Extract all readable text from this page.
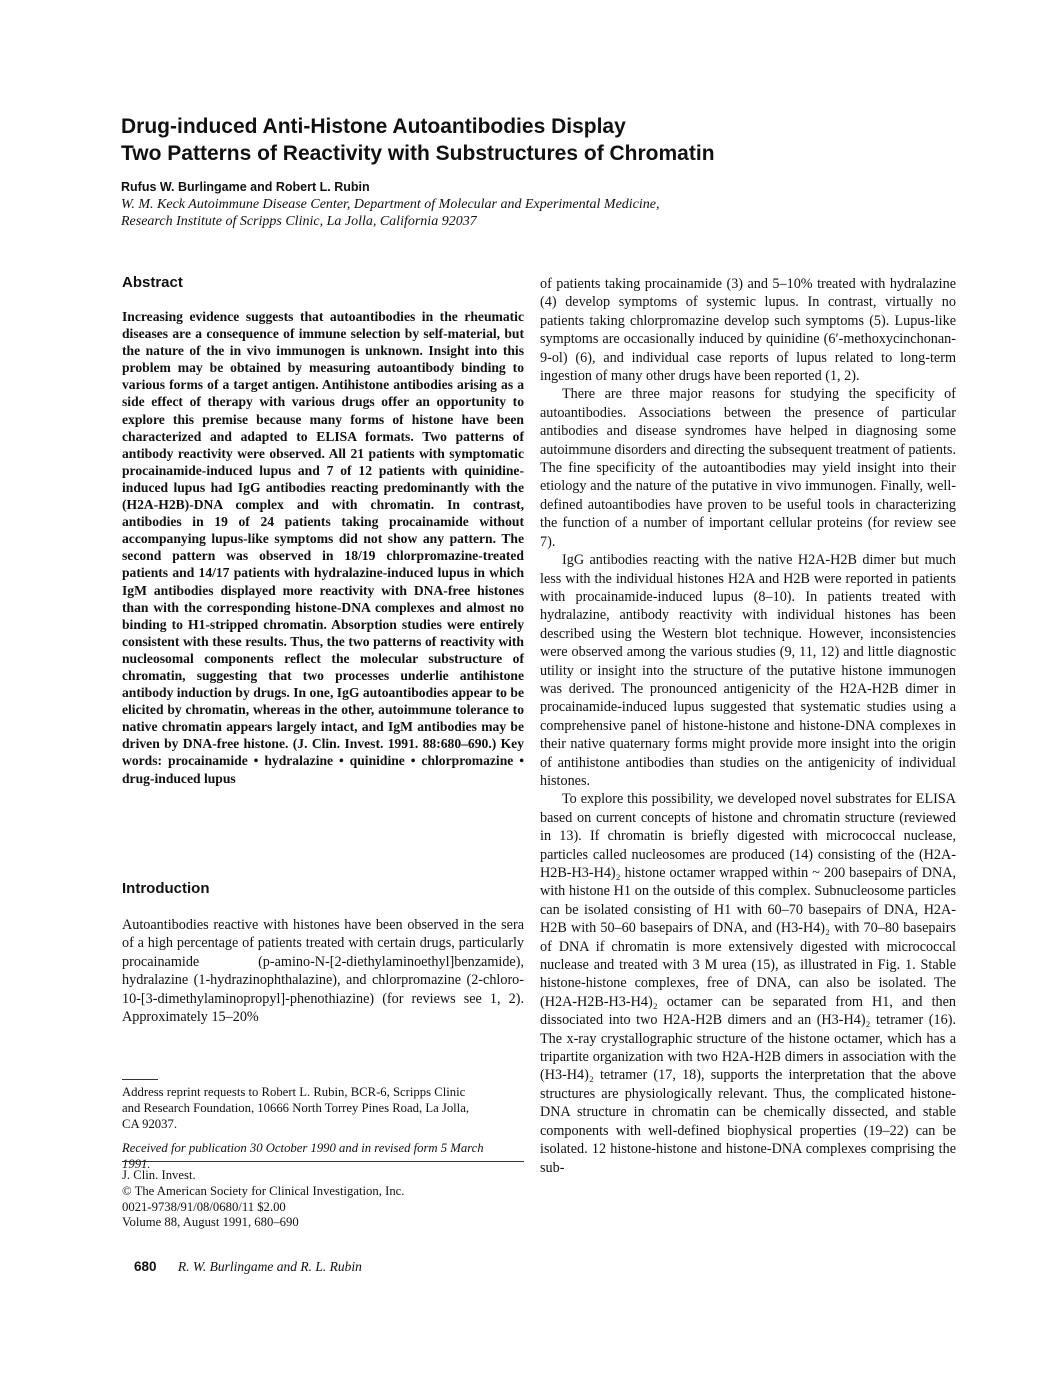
Drug-induced Anti-Histone Autoantibodies Display
Two Patterns of Reactivity with Substructures of Chromatin
Rufus W. Burlingame and Robert L. Rubin
W. M. Keck Autoimmune Disease Center, Department of Molecular and Experimental Medicine,
Research Institute of Scripps Clinic, La Jolla, California 92037
Abstract
Increasing evidence suggests that autoantibodies in the rheumatic diseases are a consequence of immune selection by self-material, but the nature of the in vivo immunogen is unknown. Insight into this problem may be obtained by measuring autoantibody binding to various forms of a target antigen. Antihistone antibodies arising as a side effect of therapy with various drugs offer an opportunity to explore this premise because many forms of histone have been characterized and adapted to ELISA formats. Two patterns of antibody reactivity were observed. All 21 patients with symptomatic procainamide-induced lupus and 7 of 12 patients with quinidine-induced lupus had IgG antibodies reacting predominantly with the (H2A-H2B)-DNA complex and with chromatin. In contrast, antibodies in 19 of 24 patients taking procainamide without accompanying lupus-like symptoms did not show any pattern. The second pattern was observed in 18/19 chlorpromazine-treated patients and 14/17 patients with hydralazine-induced lupus in which IgM antibodies displayed more reactivity with DNA-free histones than with the corresponding histone-DNA complexes and almost no binding to H1-stripped chromatin. Absorption studies were entirely consistent with these results. Thus, the two patterns of reactivity with nucleosomal components reflect the molecular substructure of chromatin, suggesting that two processes underlie antihistone antibody induction by drugs. In one, IgG autoantibodies appear to be elicited by chromatin, whereas in the other, autoimmune tolerance to native chromatin appears largely intact, and IgM antibodies may be driven by DNA-free histone. (J. Clin. Invest. 1991. 88:680–690.) Key words: procainamide • hydralazine • quinidine • chlorpromazine • drug-induced lupus
Introduction

Autoantibodies reactive with histones have been observed in the sera of a high percentage of patients treated with certain drugs, particularly procainamide (p-amino-N-[2-diethylaminoethyl]benzamide), hydralazine (1-hydrazinophthalazine), and chlorpromazine (2-chloro-10-[3-dimethylaminopropyl]-phenothiazine) (for reviews see 1, 2). Approximately 15–20%

Address reprint requests to Robert L. Rubin, BCR-6, Scripps Clinic
and Research Foundation, 10666 North Torrey Pines Road, La Jolla,
CA 92037.
Received for publication 30 October 1990 and in revised form 5 March
1991.
J. Clin. Invest.
© The American Society for Clinical Investigation, Inc.
0021-9738/91/08/0680/11 $2.00
Volume 88, August 1991, 680–690

of patients taking procainamide (3) and 5–10% treated with hydralazine (4) develop symptoms of systemic lupus. In contrast, virtually no patients taking chlorpromazine develop such symptoms (5). Lupus-like symptoms are occasionally induced by quinidine (6′-methoxycinchonan-9-ol) (6), and individual case reports of lupus related to long-term ingestion of many other drugs have been reported (1, 2).

There are three major reasons for studying the specificity of autoantibodies. Associations between the presence of particular antibodies and disease syndromes have helped in diagnosing some autoimmune disorders and directing the subsequent treatment of patients. The fine specificity of the autoantibodies may yield insight into their etiology and the nature of the putative in vivo immunogen. Finally, well-defined autoantibodies have proven to be useful tools in characterizing the function of a number of important cellular proteins (for review see 7).

IgG antibodies reacting with the native H2A-H2B dimer but much less with the individual histones H2A and H2B were reported in patients with procainamide-induced lupus (8–10). In patients treated with hydralazine, antibody reactivity with individual histones has been described using the Western blot technique. However, inconsistencies were observed among the various studies (9, 11, 12) and little diagnostic utility or insight into the structure of the putative histone immunogen was derived. The pronounced antigenicity of the H2A-H2B dimer in procainamide-induced lupus suggested that systematic studies using a comprehensive panel of histone-histone and histone-DNA complexes in their native quaternary forms might provide more insight into the origin of antihistone antibodies than studies on the antigenicity of individual histones.

To explore this possibility, we developed novel substrates for ELISA based on current concepts of histone and chromatin structure (reviewed in 13). If chromatin is briefly digested with micrococcal nuclease, particles called nucleosomes are produced (14) consisting of the (H2A-H2B-H3-H4)₂ histone octamer wrapped within ~ 200 basepairs of DNA, with histone H1 on the outside of this complex. Subnucleosome particles can be isolated consisting of H1 with 60–70 basepairs of DNA, H2A-H2B with 50–60 basepairs of DNA, and (H3-H4)₂ with 70–80 basepairs of DNA if chromatin is more extensively digested with micrococcal nuclease and treated with 3 M urea (15), as illustrated in Fig. 1. Stable histone-histone complexes, free of DNA, can also be isolated. The (H2A-H2B-H3-H4)₂ octamer can be separated from H1, and then dissociated into two H2A-H2B dimers and an (H3-H4)₂ tetramer (16). The x-ray crystallographic structure of the histone octamer, which has a tripartite organization with two H2A-H2B dimers in association with the (H3-H4)₂ tetramer (17, 18), supports the interpretation that the above structures are physiologically relevant. Thus, the complicated histone-DNA structure in chromatin can be chemically dissected, and stable components with well-defined biophysical properties (19–22) can be isolated. 12 histone-histone and histone-DNA complexes comprising the sub-

680 R. W. Burlingame and R. L. Rubin
